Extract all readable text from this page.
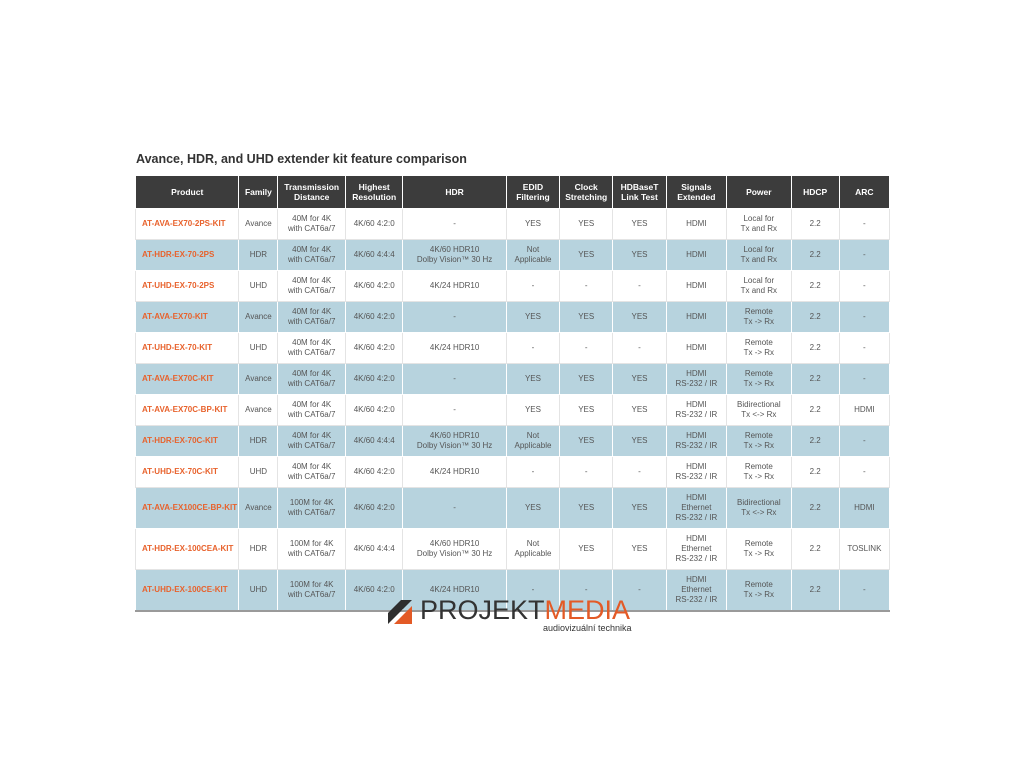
Avance, HDR, and UHD extender kit feature comparison
Product	Family	Transmission
Distance	Highest
Resolution	HDR	EDID
Filtering	Clock
Stretching	HDBaseT
Link Test	Signals
Extended	Power	HDCP	ARC
AT-AVA-EX70-2PS-KIT	Avance	40M for 4K
with CAT6a/7	4K/60 4:2:0	-	YES	YES	YES	HDMI	Local for
Tx and Rx	2.2	-
AT-HDR-EX-70-2PS	HDR	40M for 4K
with CAT6a/7	4K/60 4:4:4	4K/60 HDR10
Dolby Vision™ 30 Hz	Not
Applicable	YES	YES	HDMI	Local for
Tx and Rx	2.2	-
AT-UHD-EX-70-2PS	UHD	40M for 4K
with CAT6a/7	4K/60 4:2:0	4K/24 HDR10	-	-	-	HDMI	Local for
Tx and Rx	2.2	-
AT-AVA-EX70-KIT	Avance	40M for 4K
with CAT6a/7	4K/60 4:2:0	-	YES	YES	YES	HDMI	Remote
Tx -> Rx	2.2	-
AT-UHD-EX-70-KIT	UHD	40M for 4K
with CAT6a/7	4K/60 4:2:0	4K/24 HDR10	-	-	-	HDMI	Remote
Tx -> Rx	2.2	-
AT-AVA-EX70C-KIT	Avance	40M for 4K
with CAT6a/7	4K/60 4:2:0	-	YES	YES	YES	HDMI
RS-232 / IR	Remote
Tx -> Rx	2.2	-
AT-AVA-EX70C-BP-KIT	Avance	40M for 4K
with CAT6a/7	4K/60 4:2:0	-	YES	YES	YES	HDMI
RS-232 / IR	Bidirectional
Tx <-> Rx	2.2	HDMI
AT-HDR-EX-70C-KIT	HDR	40M for 4K
with CAT6a/7	4K/60 4:4:4	4K/60 HDR10
Dolby Vision™ 30 Hz	Not
Applicable	YES	YES	HDMI
RS-232 / IR	Remote
Tx -> Rx	2.2	-
AT-UHD-EX-70C-KIT	UHD	40M for 4K
with CAT6a/7	4K/60 4:2:0	4K/24 HDR10	-	-	-	HDMI
RS-232 / IR	Remote
Tx -> Rx	2.2	-
AT-AVA-EX100CE-BP-KIT	Avance	100M for 4K
with CAT6a/7	4K/60 4:2:0	-	YES	YES	YES	HDMI
Ethernet
RS-232 / IR	Bidirectional
Tx <-> Rx	2.2	HDMI
AT-HDR-EX-100CEA-KIT	HDR	100M for 4K
with CAT6a/7	4K/60 4:4:4	4K/60 HDR10
Dolby Vision™ 30 Hz	Not
Applicable	YES	YES	HDMI
Ethernet
RS-232 / IR	Remote
Tx -> Rx	2.2	TOSLINK
AT-UHD-EX-100CE-KIT	UHD	100M for 4K
with CAT6a/7	4K/60 4:2:0	4K/24 HDR10	-	-	-	HDMI
Ethernet
RS-232 / IR	Remote
Tx -> Rx	2.2	-
PROJEKTMEDIA
audiovizuální technika
